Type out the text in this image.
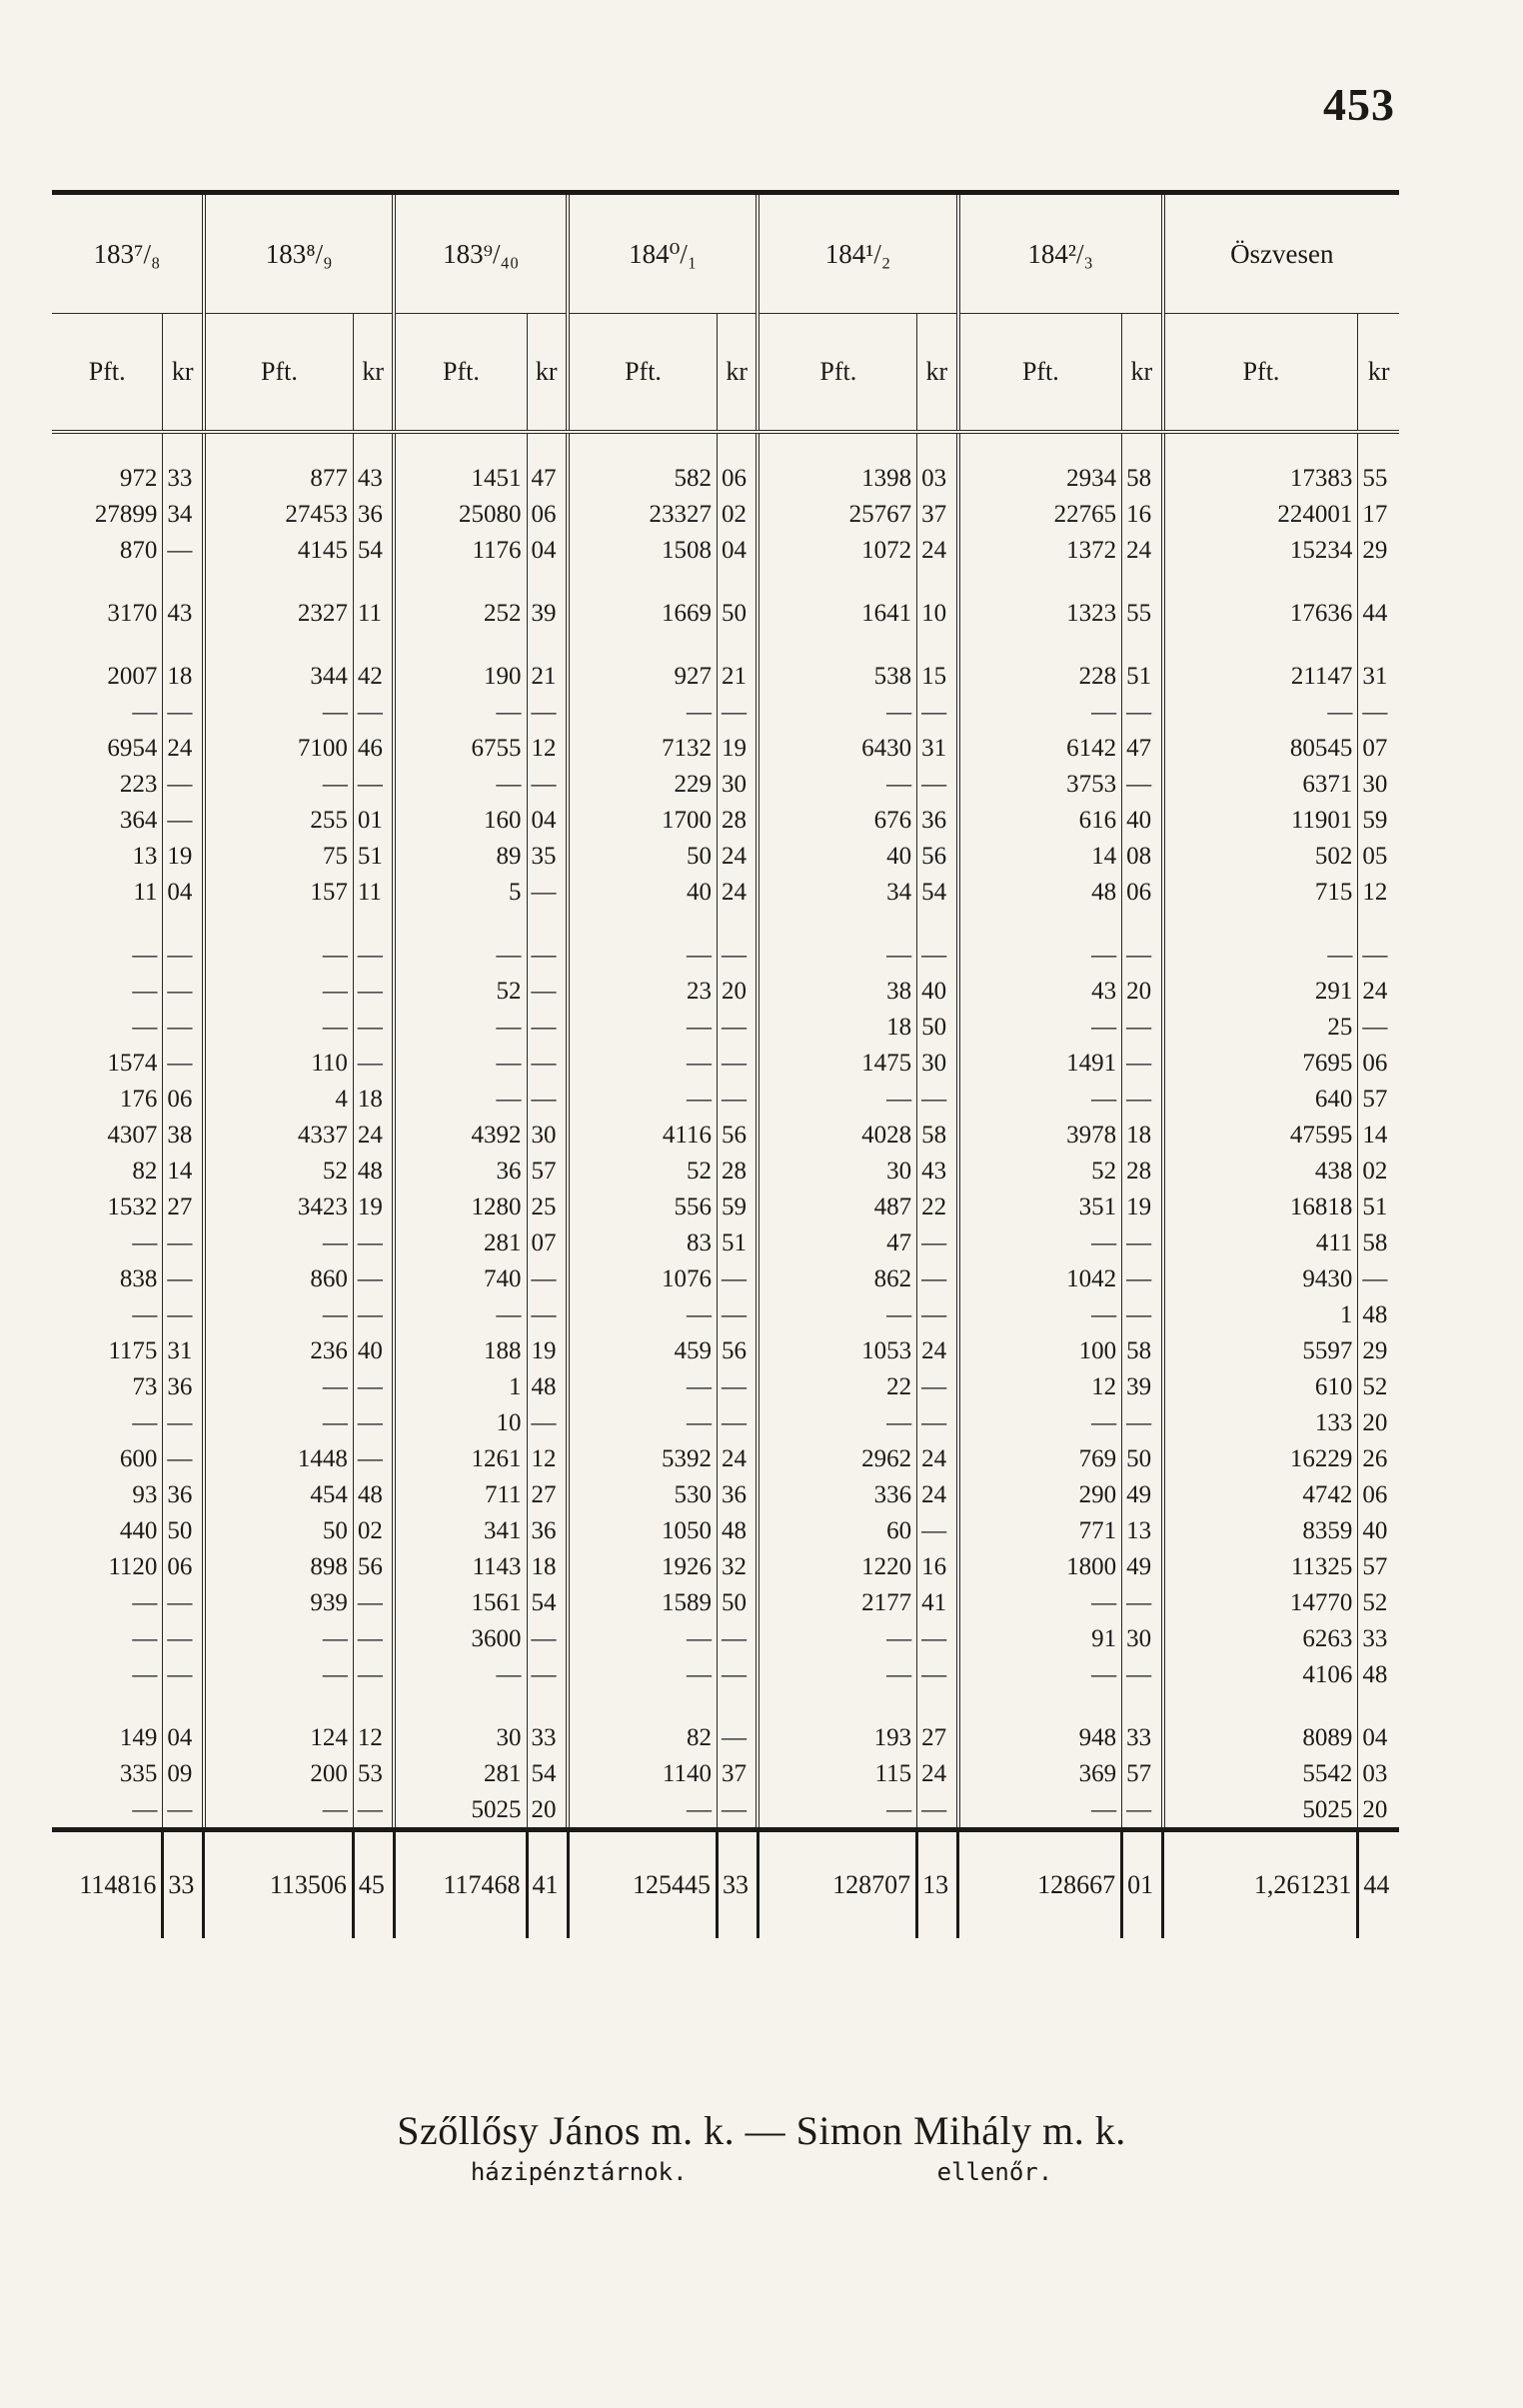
453
183⁷/₈		183⁸/₉		183⁹/₄₀		184⁰/₁		184¹/₂		184²/₃		Öszvesen	
Pft.	kr	Pft.	kr	Pft.	kr	Pft.	kr	Pft.	kr	Pft.	kr	Pft.	kr
972	33	877	43	1451	47	582	06	1398	03	2934	58	17383	55
27899	34	27453	36	25080	06	23327	02	25767	37	22765	16	224001	17
870	—	4145	54	1176	04	1508	04	1072	24	1372	24	15234	29

3170	43	2327	11	252	39	1669	50	1641	10	1323	55	17636	44

2007	18	344	42	190	21	927	21	538	15	228	51	21147	31
—	—	—	—	—	—	—	—	—	—	—	—	—	—
6954	24	7100	46	6755	12	7132	19	6430	31	6142	47	80545	07
223	—	—	—	—	—	229	30	—	—	3753	—	6371	30
364	—	255	01	160	04	1700	28	676	36	616	40	11901	59
13	19	75	51	89	35	50	24	40	56	14	08	502	05
11	04	157	11	5	—	40	24	34	54	48	06	715	12

—	—	—	—	—	—	—	—	—	—	—	—	—	—
—	—	—	—	52	—	23	20	38	40	43	20	291	24
—	—	—	—	—	—	—	—	18	50	—	—	25	—
1574	—	110	—	—	—	—	—	1475	30	1491	—	7695	06
176	06	4	18	—	—	—	—	—	—	—	—	640	57
4307	38	4337	24	4392	30	4116	56	4028	58	3978	18	47595	14
82	14	52	48	36	57	52	28	30	43	52	28	438	02
1532	27	3423	19	1280	25	556	59	487	22	351	19	16818	51
—	—	—	—	281	07	83	51	47	—	—	—	411	58
838	—	860	—	740	—	1076	—	862	—	1042	—	9430	—
—	—	—	—	—	—	—	—	—	—	—	—	1	48
1175	31	236	40	188	19	459	56	1053	24	100	58	5597	29
73	36	—	—	1	48	—	—	22	—	12	39	610	52
—	—	—	—	10	—	—	—	—	—	—	—	133	20
600	—	1448	—	1261	12	5392	24	2962	24	769	50	16229	26
93	36	454	48	711	27	530	36	336	24	290	49	4742	06
440	50	50	02	341	36	1050	48	60	—	771	13	8359	40
1120	06	898	56	1143	18	1926	32	1220	16	1800	49	11325	57
—	—	939	—	1561	54	1589	50	2177	41	—	—	14770	52
—	—	—	—	3600	—	—	—	—	—	91	30	6263	33
—	—	—	—	—	—	—	—	—	—	—	—	4106	48

149	04	124	12	30	33	82	—	193	27	948	33	8089	04
335	09	200	53	281	54	1140	37	115	24	369	57	5542	03
—	—	—	—	5025	20	—	—	—	—	—	—	5025	20
114816	33	113506	45	117468	41	125445	33	128707	13	128667	01	1,261231	44
Szőllősy János m. k. — Simon Mihály m. k.
házipénztárnok.	ellenőr.
